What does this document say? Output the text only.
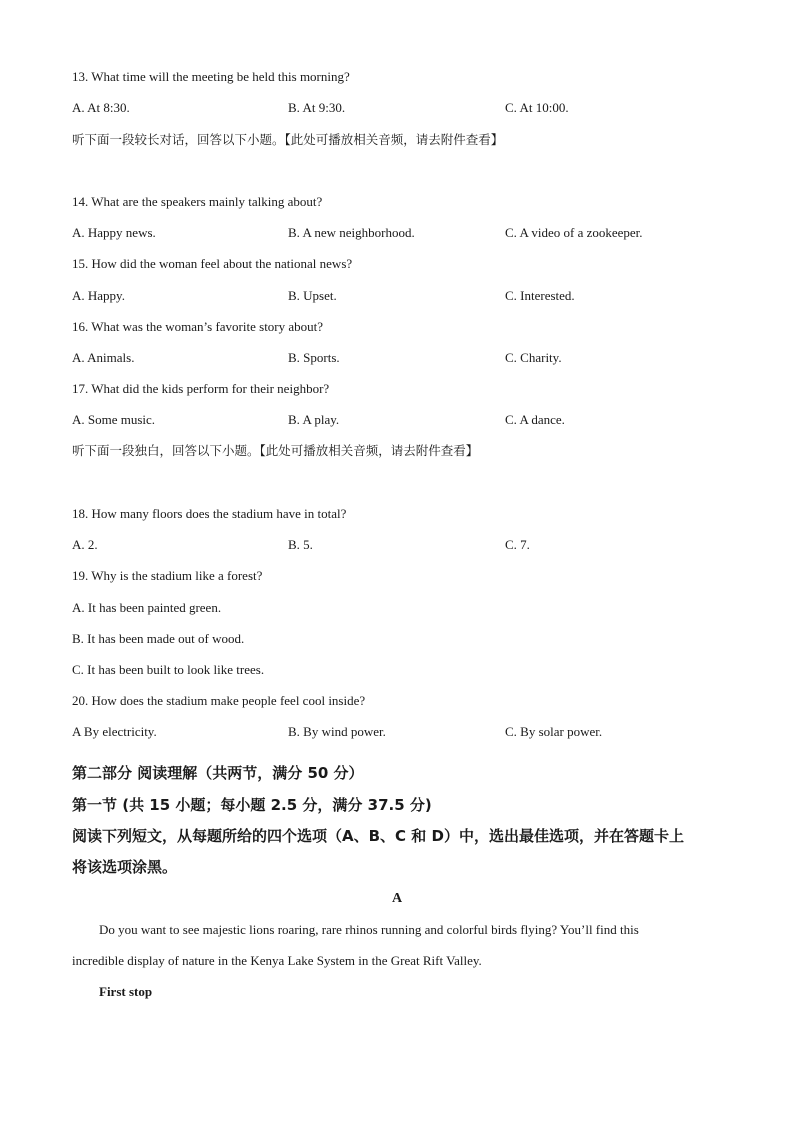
13. What time will the meeting be held this morning?
A. At 8:30.	B. At 9:30.	C. At 10:00.
听下面一段较长对话，回答以下小题。【此处可播放相关音频，请去附件查看】
14. What are the speakers mainly talking about?
A. Happy news.	B. A new neighborhood.	C. A video of a zookeeper.
15. How did the woman feel about the national news?
A. Happy.	B. Upset.	C. Interested.
16. What was the woman’s favorite story about?
A. Animals.	B. Sports.	C. Charity.
17. What did the kids perform for their neighbor?
A. Some music.	B. A play.	C. A dance.
听下面一段独白，回答以下小题。【此处可播放相关音频，请去附件查看】
18. How many floors does the stadium have in total?
A. 2.	B. 5.	C. 7.
19. Why is the stadium like a forest?
A. It has been painted green.
B. It has been made out of wood.
C. It has been built to look like trees.
20. How does the stadium make people feel cool inside?
A By electricity.	B. By wind power.	C. By solar power.
第二部分 阅读理解（共两节，满分 50 分）
第一节 (共 15 小题；每小题 2.5 分，满分 37.5 分)
阅读下列短文，从每题所给的四个选项（A、B、C 和 D）中，选出最佳选项，并在答题卡上
将该选项涂黑。
A
Do you want to see majestic lions roaring, rare rhinos running and colorful birds flying? You’ll find this
incredible display of nature in the Kenya Lake System in the Great Rift Valley.
First stop
